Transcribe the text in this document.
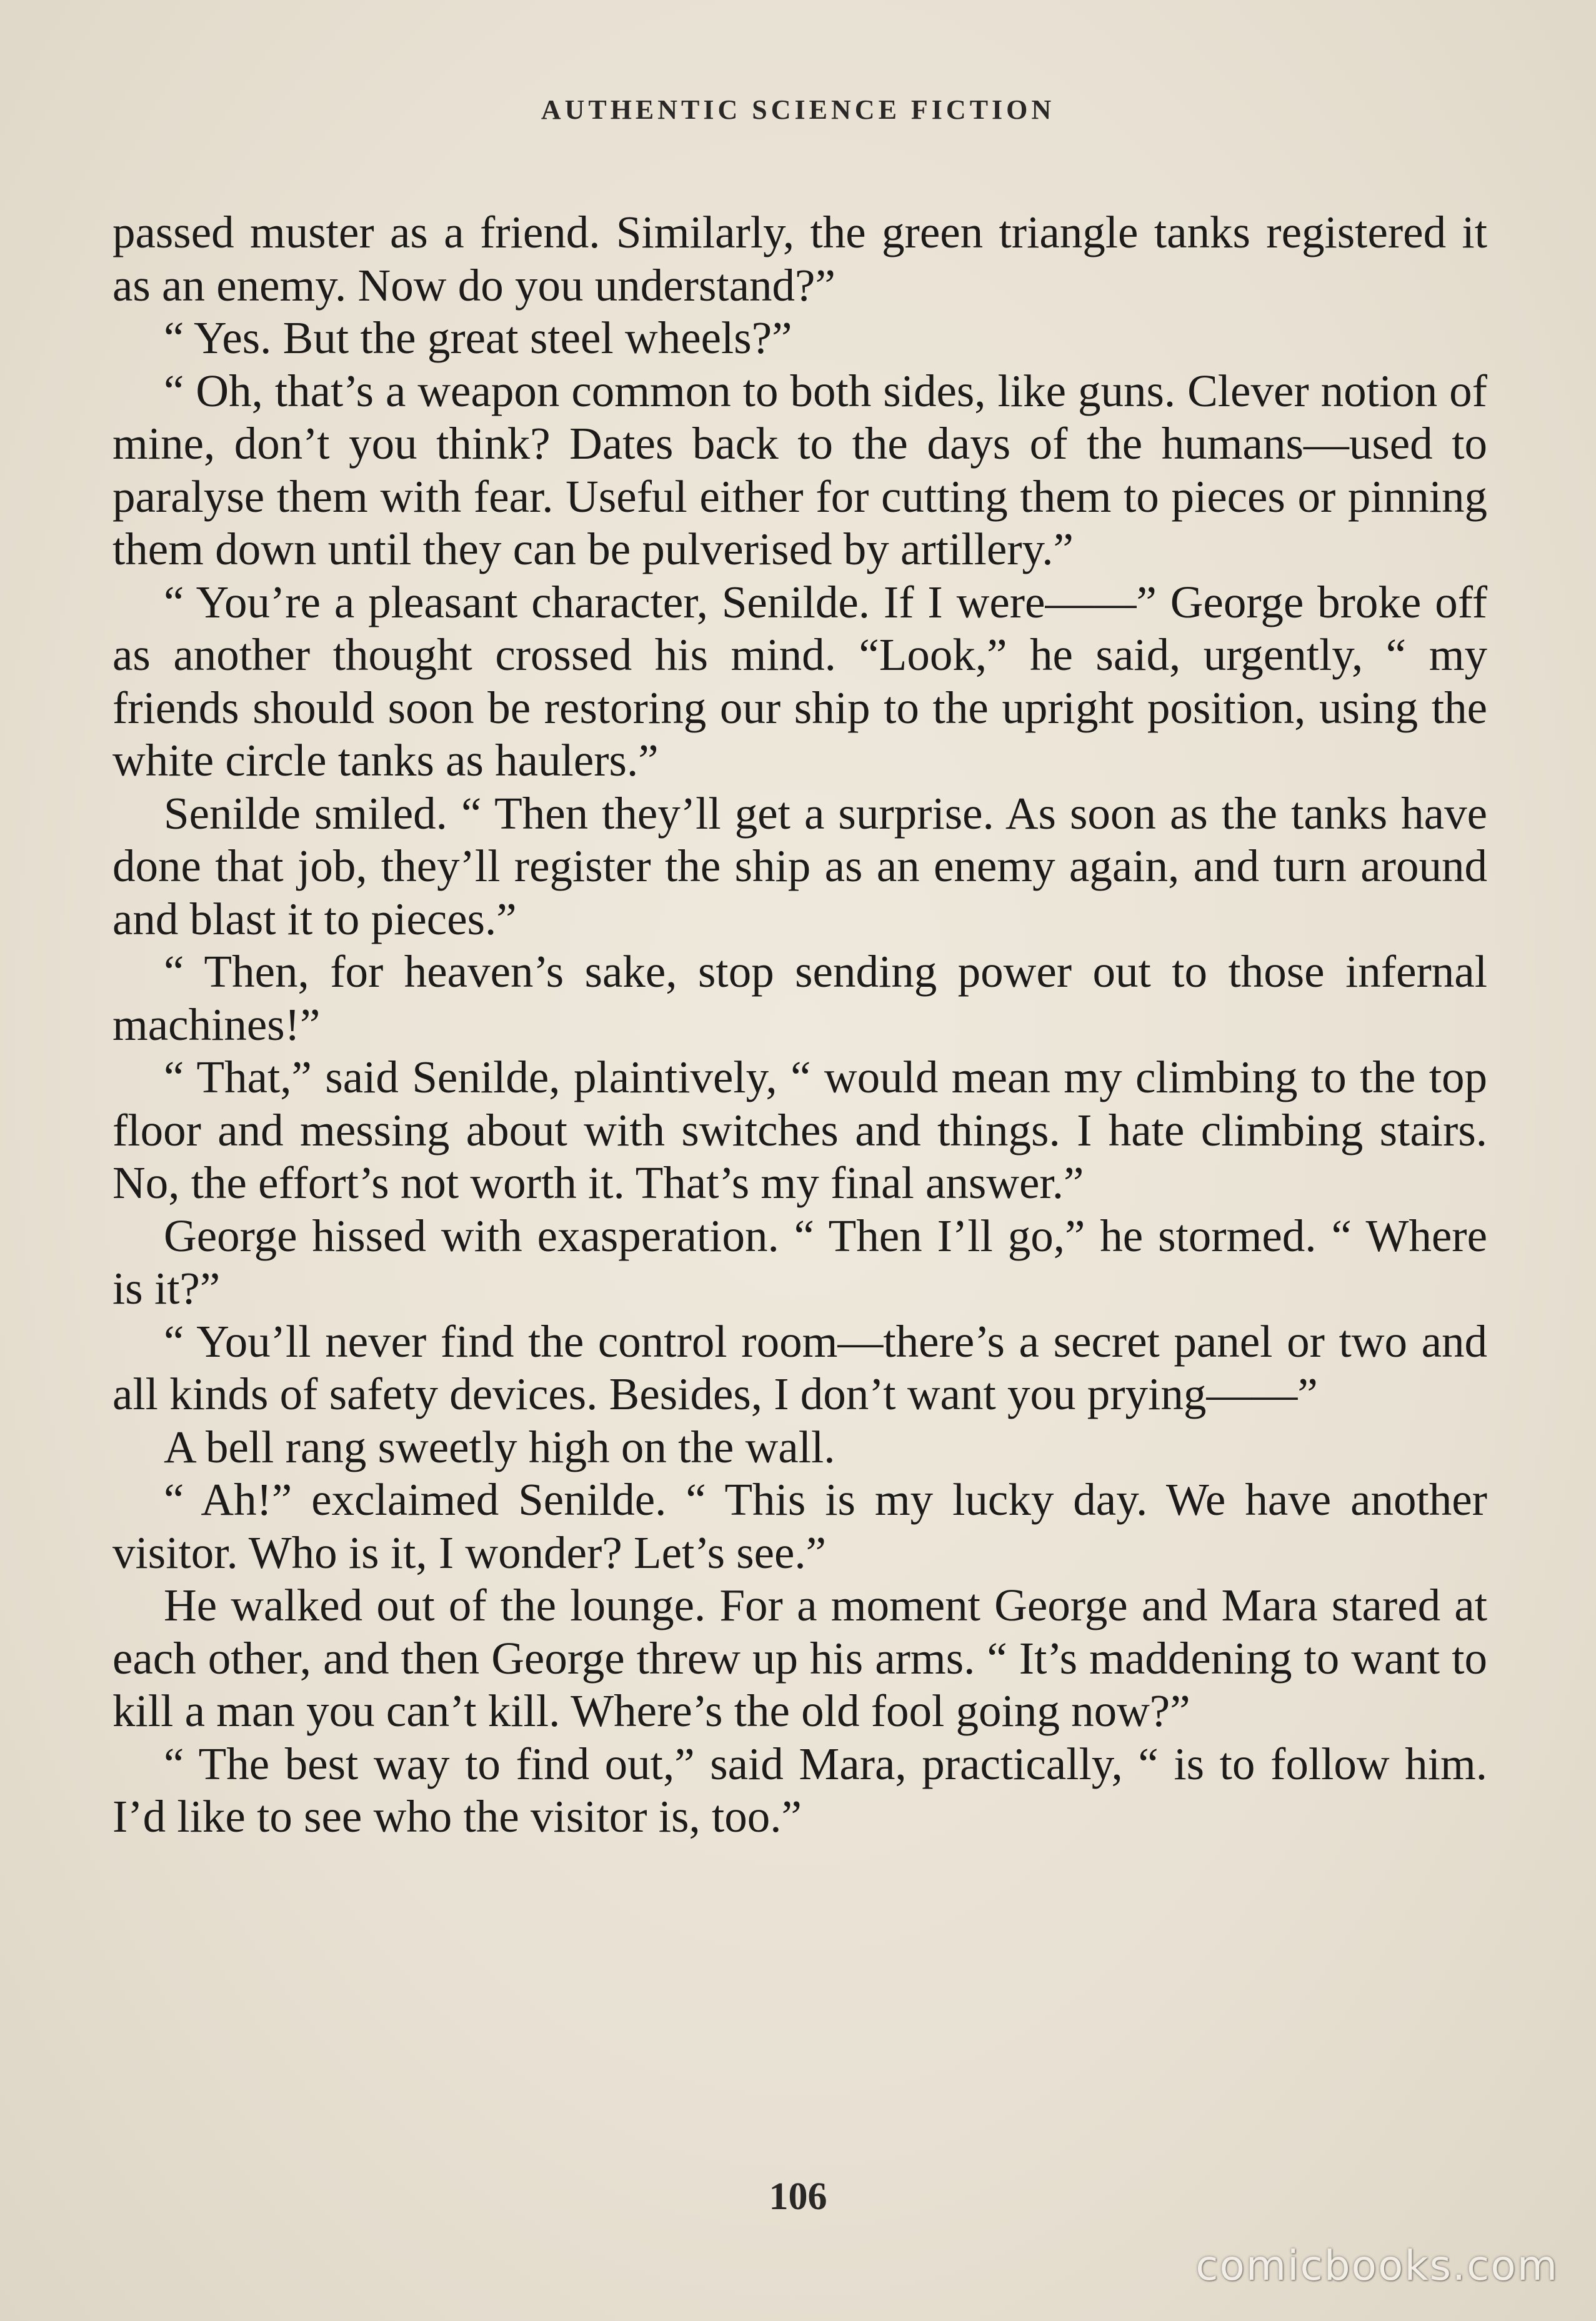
AUTHENTIC SCIENCE FICTION

passed muster as a friend. Similarly, the green triangle tanks registered it as an enemy. Now do you understand?”

“ Yes. But the great steel wheels?”

“ Oh, that’s a weapon common to both sides, like guns. Clever notion of mine, don’t you think? Dates back to the days of the humans—used to paralyse them with fear. Useful either for cutting them to pieces or pinning them down until they can be pulverised by artillery.”

“ You’re a pleasant character, Senilde. If I were——” George broke off as another thought crossed his mind. “Look,” he said, urgently, “ my friends should soon be restoring our ship to the upright position, using the white circle tanks as haulers.”

Senilde smiled. “ Then they’ll get a surprise. As soon as the tanks have done that job, they’ll register the ship as an enemy again, and turn around and blast it to pieces.”

“ Then, for heaven’s sake, stop sending power out to those infernal machines!”

“ That,” said Senilde, plaintively, “ would mean my climbing to the top floor and messing about with switches and things. I hate climbing stairs. No, the effort’s not worth it. That’s my final answer.”

George hissed with exasperation. “ Then I’ll go,” he stormed. “ Where is it?”

“ You’ll never find the control room—there’s a secret panel or two and all kinds of safety devices. Besides, I don’t want you prying——”

A bell rang sweetly high on the wall.

“ Ah!” exclaimed Senilde. “ This is my lucky day. We have another visitor. Who is it, I wonder? Let’s see.”

He walked out of the lounge. For a moment George and Mara stared at each other, and then George threw up his arms. “ It’s maddening to want to kill a man you can’t kill. Where’s the old fool going now?”

“ The best way to find out,” said Mara, practically, “ is to follow him. I’d like to see who the visitor is, too.”

106
comicbooks.com
